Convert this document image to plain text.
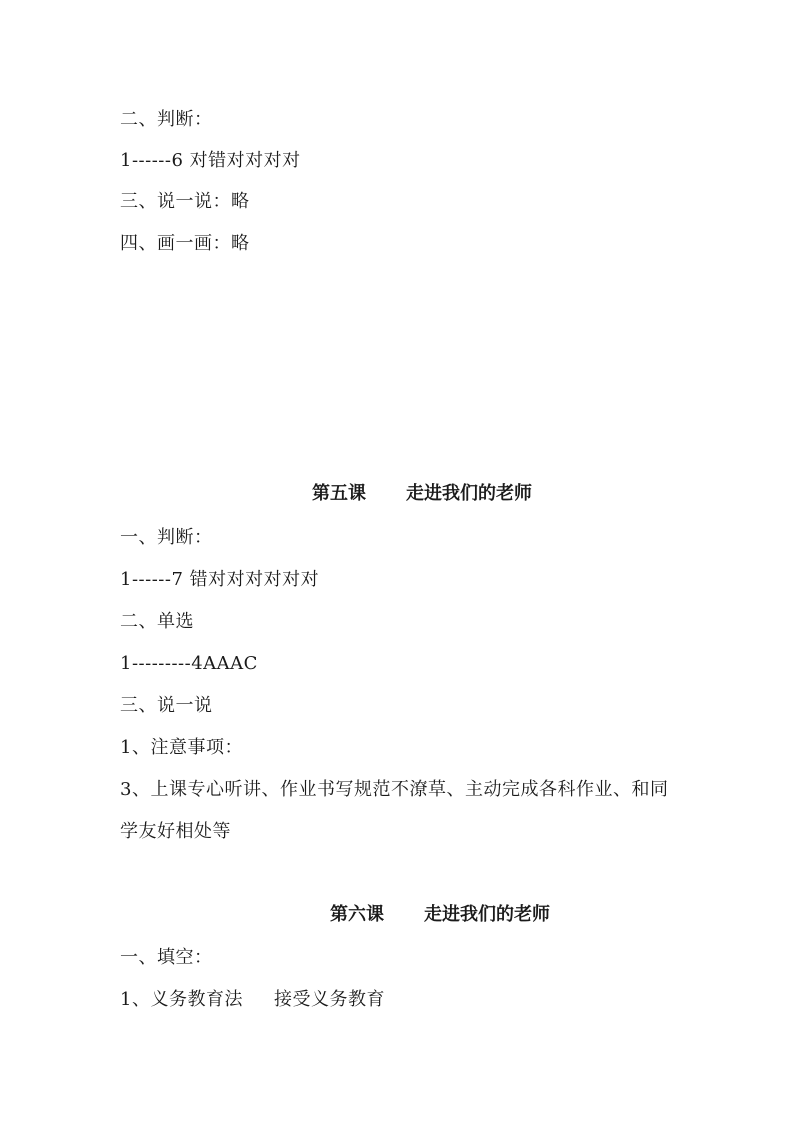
二、判断：
1------6 对错对对对对
三、说一说：略
四、画一画：略
第五课 走进我们的老师
一、判断：
1------7 错对对对对对对
二、单选
1---------4AAAC
三、说一说
1、注意事项：
3、上课专心听讲、作业书写规范不潦草、主动完成各科作业、和同
学友好相处等
第六课 走进我们的老师
一、填空：
1、义务教育法     接受义务教育
